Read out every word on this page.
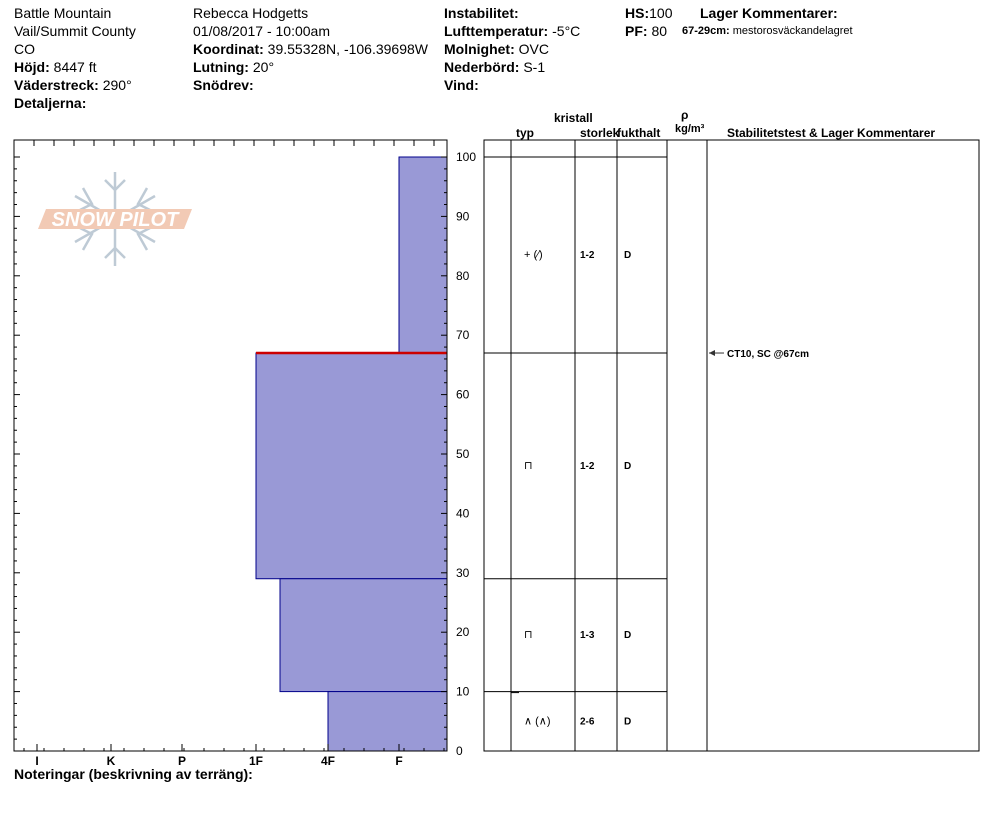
Battle Mountain
Vail/Summit County
CO
Höjd: 8447 ft
Väderstreck: 290°
Detaljerna:
Rebecca Hodgetts
01/08/2017 - 10:00am
Koordinat: 39.55328N, -106.39698W
Lutning: 20°
Snödrev:
Instabilitet:
Lufttemperatur: -5°C
Molnighet: OVC
Nederbörd: S-1
Vind:
HS:100
PF: 80
Lager Kommentarer:
67-29cm: mestorosväckandelagret
kristall
typ	storlek
fukthalt
ρ
kg/m³ Stabilitetstest & Lager Kommentarer
SNOW PILOT
0
10
20
30
40
50
60
70
80
90
100
I	K	P	1F	4F	F
+ (⁄)	1-2	D
⊓	1-2	D
⊓	1-3	D
∧ (∧)	2-6	D
CT10, SC @67cm
Noteringar (beskrivning av terräng):
